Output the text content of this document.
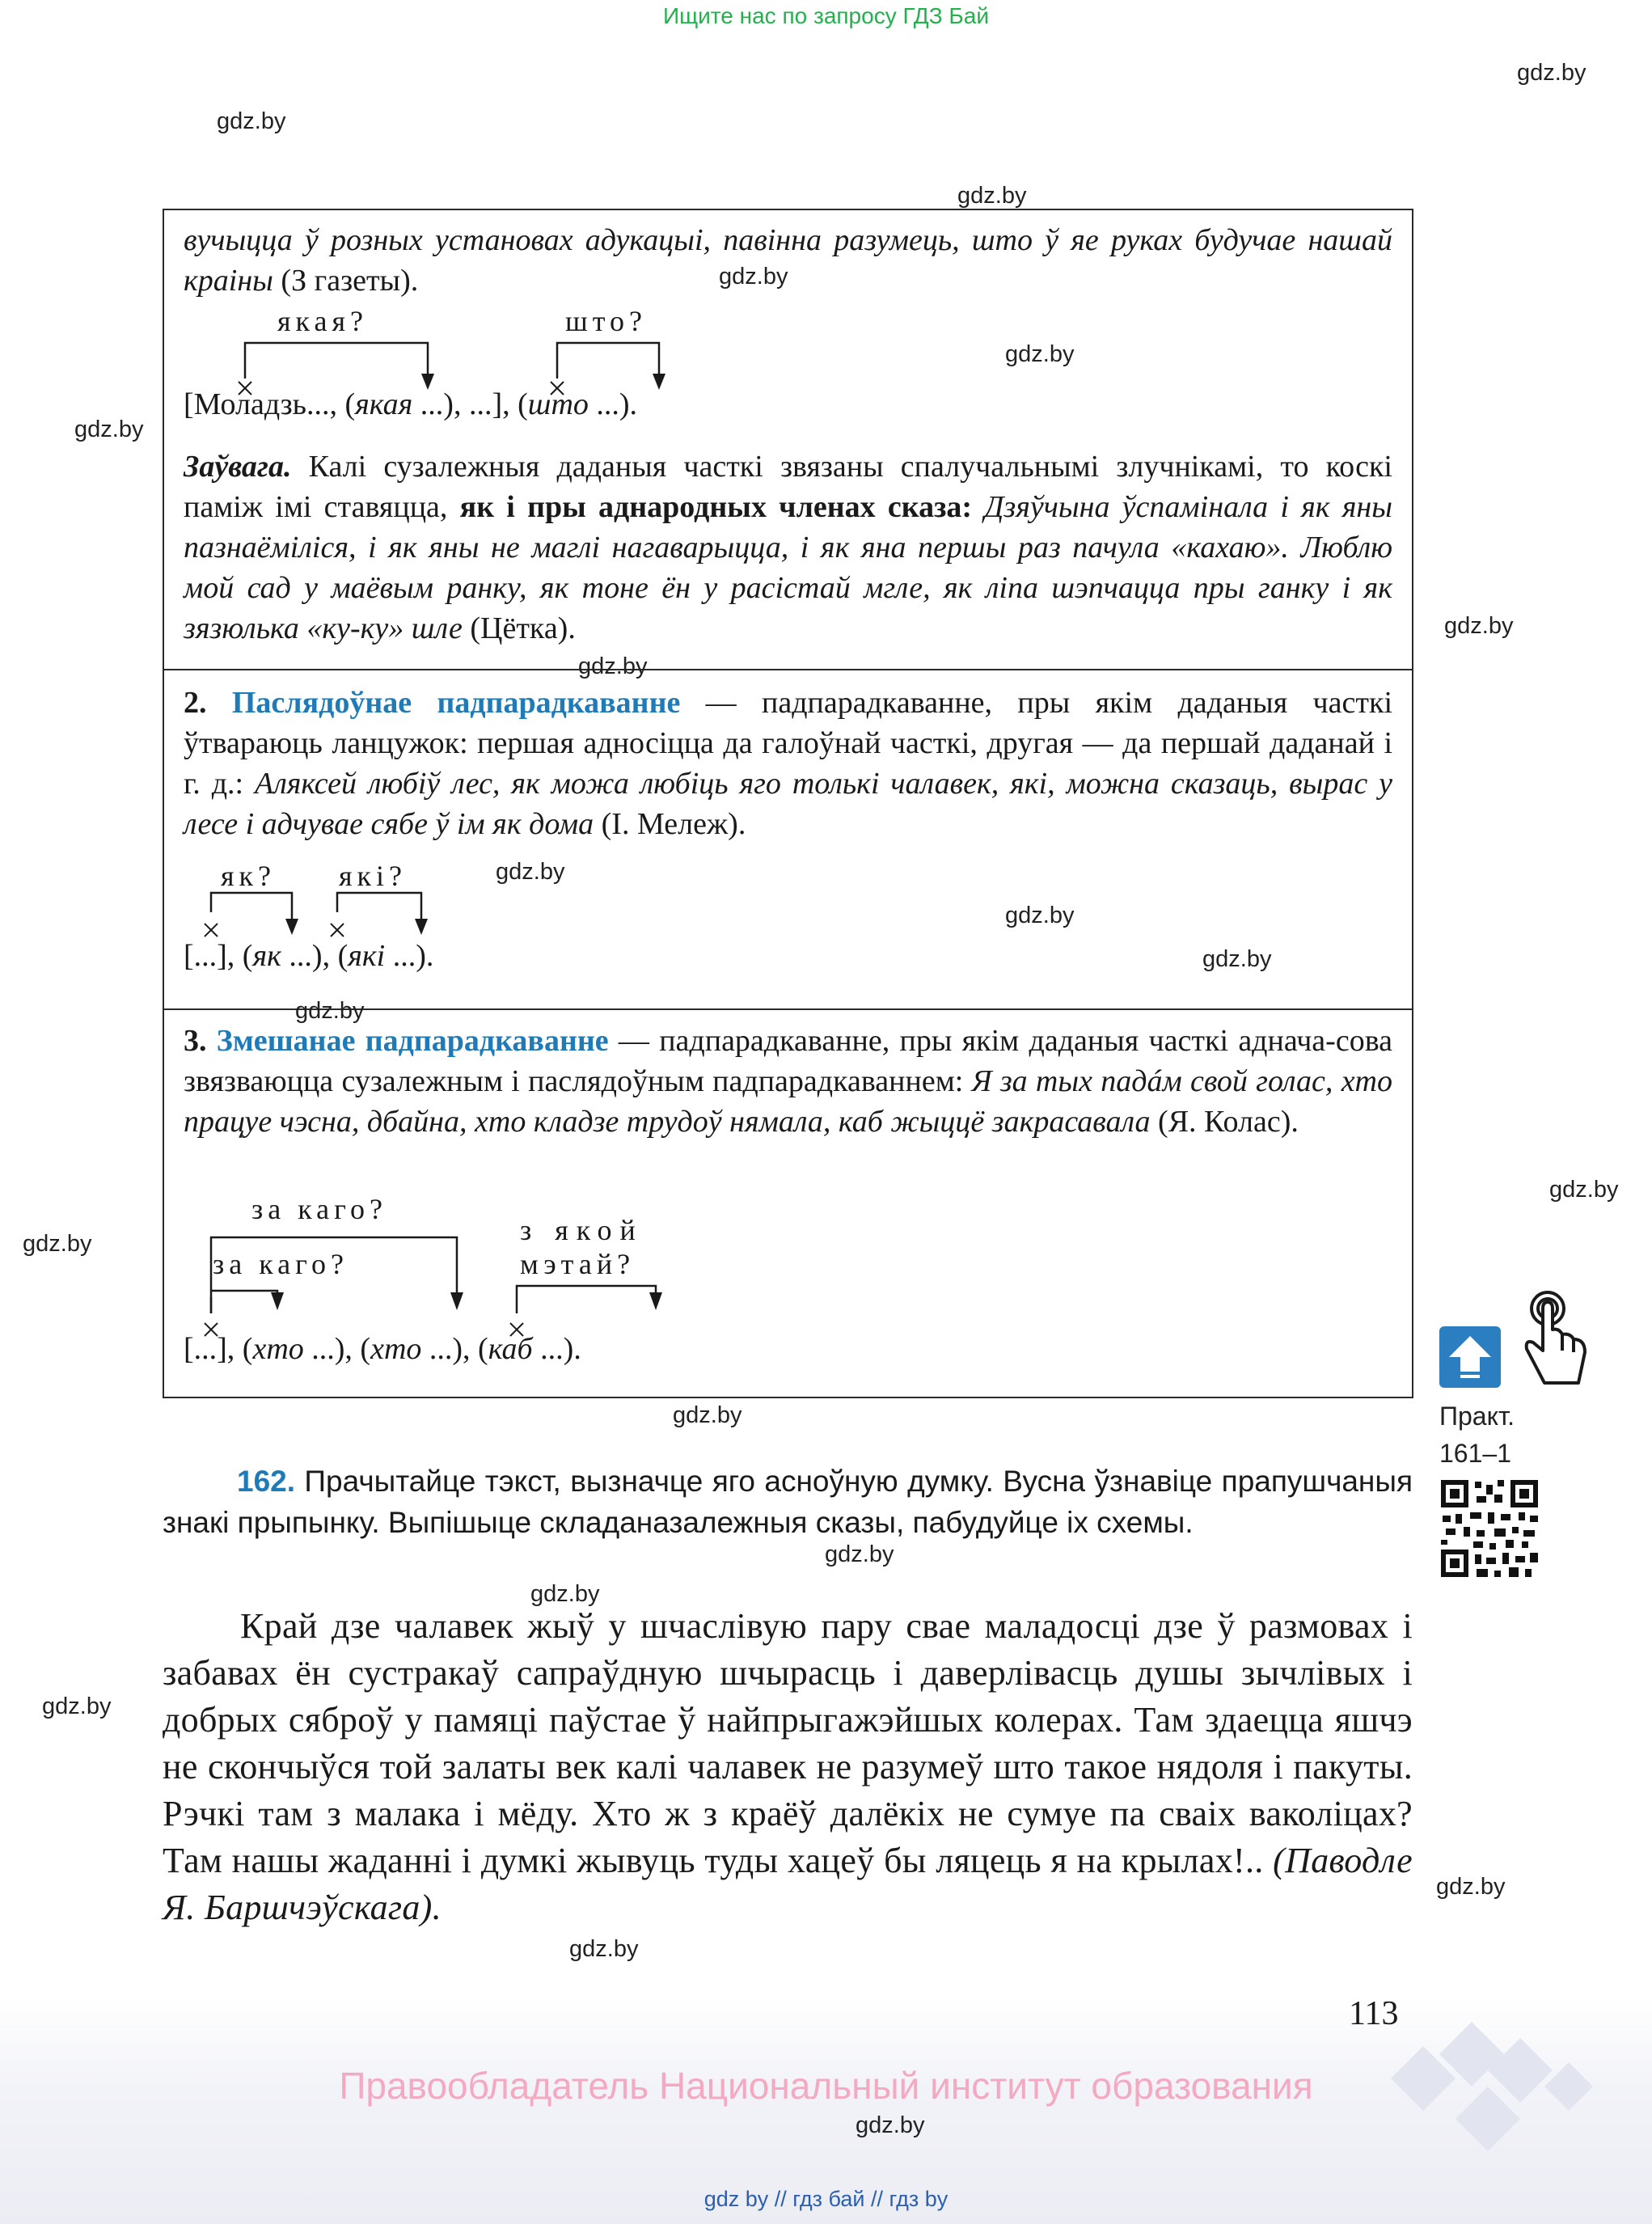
Ищите нас по запросу ГДЗ Бай
gdz.by
gdz.by
gdz.by
gdz.by
gdz.by
gdz.by
gdz.by
gdz.by
gdz.by
gdz.by
gdz.by
gdz.by
gdz.by
вучыцца ў розных установах адукацыі, павінна разумець, што ў яе руках будучае нашай краіны (З газеты).	gdz.by
gdz.by
якая?	што?
[Моладзь..., (якая ...), ...], (што ...).
Заўвага. Калі сузалежныя даданыя часткі звязаны спалучальнымі злучнікамі, то коскі паміж імі ставяцца, як і пры аднародных членах сказа: Дзяўчына ўспамінала і як яны пазнаёміліся, і як яны не маглі нагаварыцца, і як яна першы раз пачула «кахаю». Люблю мой сад у маёвым ранку, як тоне ён у расістай мгле, як ліпа шэпчацца пры ганку і як зязюлька «ку-ку» шле (Цётка).
gdz.by
2. Паслядоўнае падпарадкаванне — падпарадкаванне, пры якім даданыя часткі ўтвараюць ланцужок: першая адносіцца да галоўнай часткі, другая — да першай даданай і г. д.: Аляксей любіў лес, як можа любіць яго толькі чалавек, які, можна сказаць, вырас у лесе і адчувае сябе ў ім як дома (І. Мележ).
gdz.by
gdz.by
gdz.by
як? які?
[...], (як ...), (які ...).
gdz.by
3. Змешанае падпарадкаванне — падпарадкаванне, пры якім даданыя часткі аднача-сова звязваюцца сузалежным і паслядоўным падпарадкаваннем: Я за тых падáм свой голас, хто працуе чэсна, дбайна, хто кладзе трудоў нямала, каб жыццё закрасавала (Я. Колас).
за каго?
за каго?
з якой
мэтай?
[...], (хто ...), (хто ...), (каб ...).
Практ.
161–1
162. Прачытайце тэкст, вызначце яго асноўную думку. Вусна ўзнавіце прапушчаныя знакі прыпынку. Выпішыце складаназалежныя сказы, пабудуйце іх схемы.
Край дзе чалавек жыў у шчаслівую пару свае маладосці дзе ў размовах і забавах ён сустракаў сапраўдную шчырасць і даверлівасць душы зычлівых і добрых сяброў у памяці паўстае ў найпрыгажэйшых колерах. Там здаецца яшчэ не скончыўся той залаты век калі чалавек не разумеў што такое нядоля і пакуты. Рэчкі там з малака і мёду. Хто ж з краёў далёкіх не сумуе па сваіх ваколіцах? Там нашы жаданні і думкі жывуць туды хацеў бы ляцець я на крылах!.. (Паводле Я. Баршчэўскага).
113
Правообладатель Национальный институт образования
gdz.by
gdz by // гдз бай // гдз by
